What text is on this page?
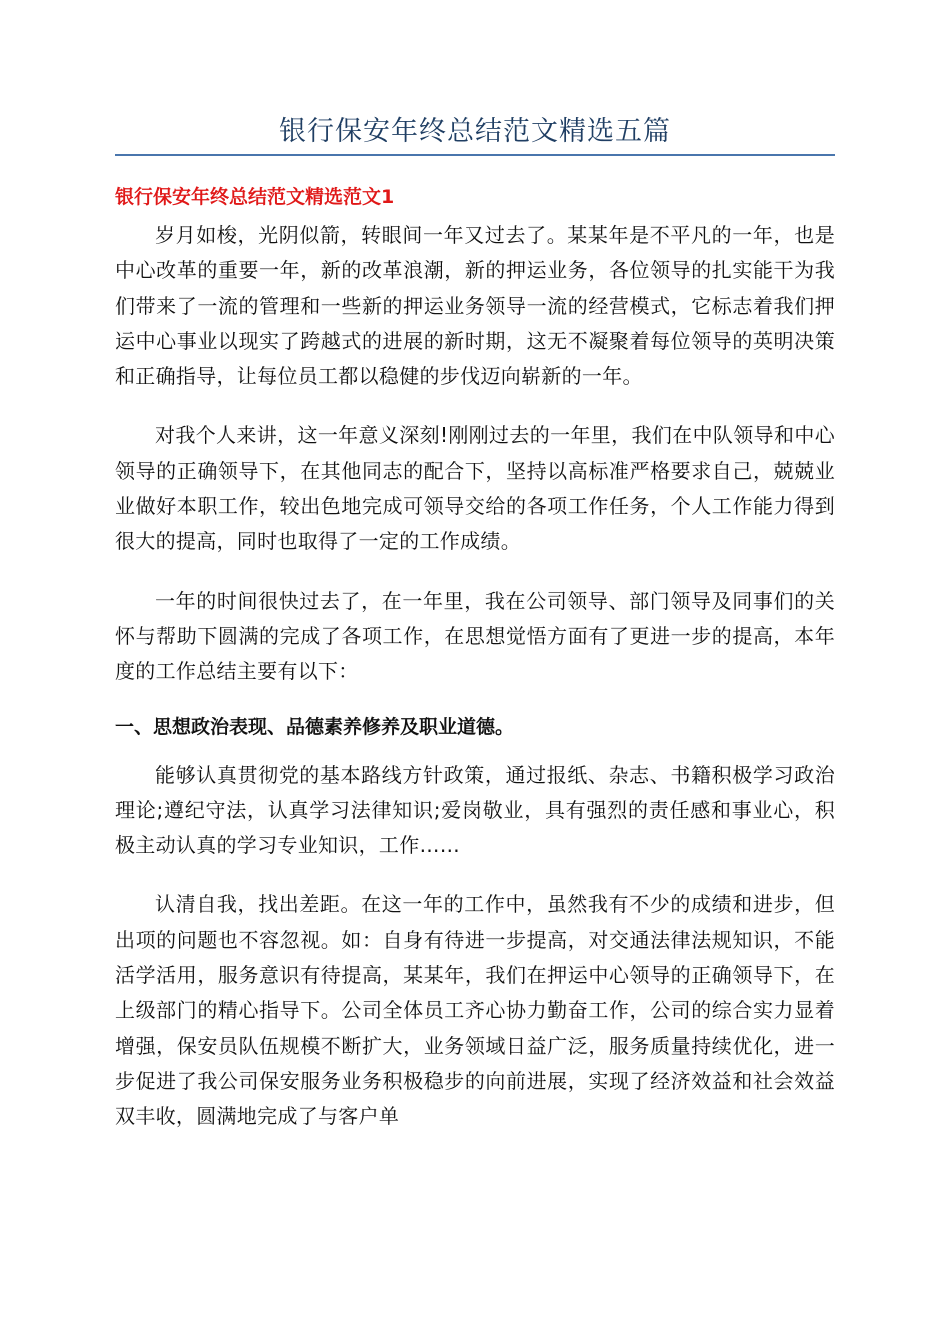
银行保安年终总结范文精选五篇
银行保安年终总结范文精选范文1

岁月如梭，光阴似箭，转眼间一年又过去了。某某年是不平凡的一年，也是中心改革的重要一年，新的改革浪潮，新的押运业务，各位领导的扎实能干为我们带来了一流的管理和一些新的押运业务领导一流的经营模式，它标志着我们押运中心事业以现实了跨越式的进展的新时期，这无不凝聚着每位领导的英明决策和正确指导，让每位员工都以稳健的步伐迈向崭新的一年。

对我个人来讲，这一年意义深刻!刚刚过去的一年里，我们在中队领导和中心领导的正确领导下，在其他同志的配合下，坚持以高标准严格要求自己，兢兢业业做好本职工作，较出色地完成可领导交给的各项工作任务，个人工作能力得到很大的提高，同时也取得了一定的工作成绩。

一年的时间很快过去了，在一年里，我在公司领导、部门领导及同事们的关怀与帮助下圆满的完成了各项工作，在思想觉悟方面有了更进一步的提高，本年度的工作总结主要有以下：

一、思想政治表现、品德素养修养及职业道德。

能够认真贯彻党的基本路线方针政策，通过报纸、杂志、书籍积极学习政治理论;遵纪守法，认真学习法律知识;爱岗敬业，具有强烈的责任感和事业心，积极主动认真的学习专业知识，工作……

认清自我，找出差距。在这一年的工作中，虽然我有不少的成绩和进步，但出项的问题也不容忽视。如：自身有待进一步提高，对交通法律法规知识，不能活学活用，服务意识有待提高，某某年，我们在押运中心领导的正确领导下，在上级部门的精心指导下。公司全体员工齐心协力勤奋工作，公司的综合实力显着增强，保安员队伍规模不断扩大，业务领域日益广泛，服务质量持续优化，进一步促进了我公司保安服务业务积极稳步的向前进展，实现了经济效益和社会效益双丰收，圆满地完成了与客户单
